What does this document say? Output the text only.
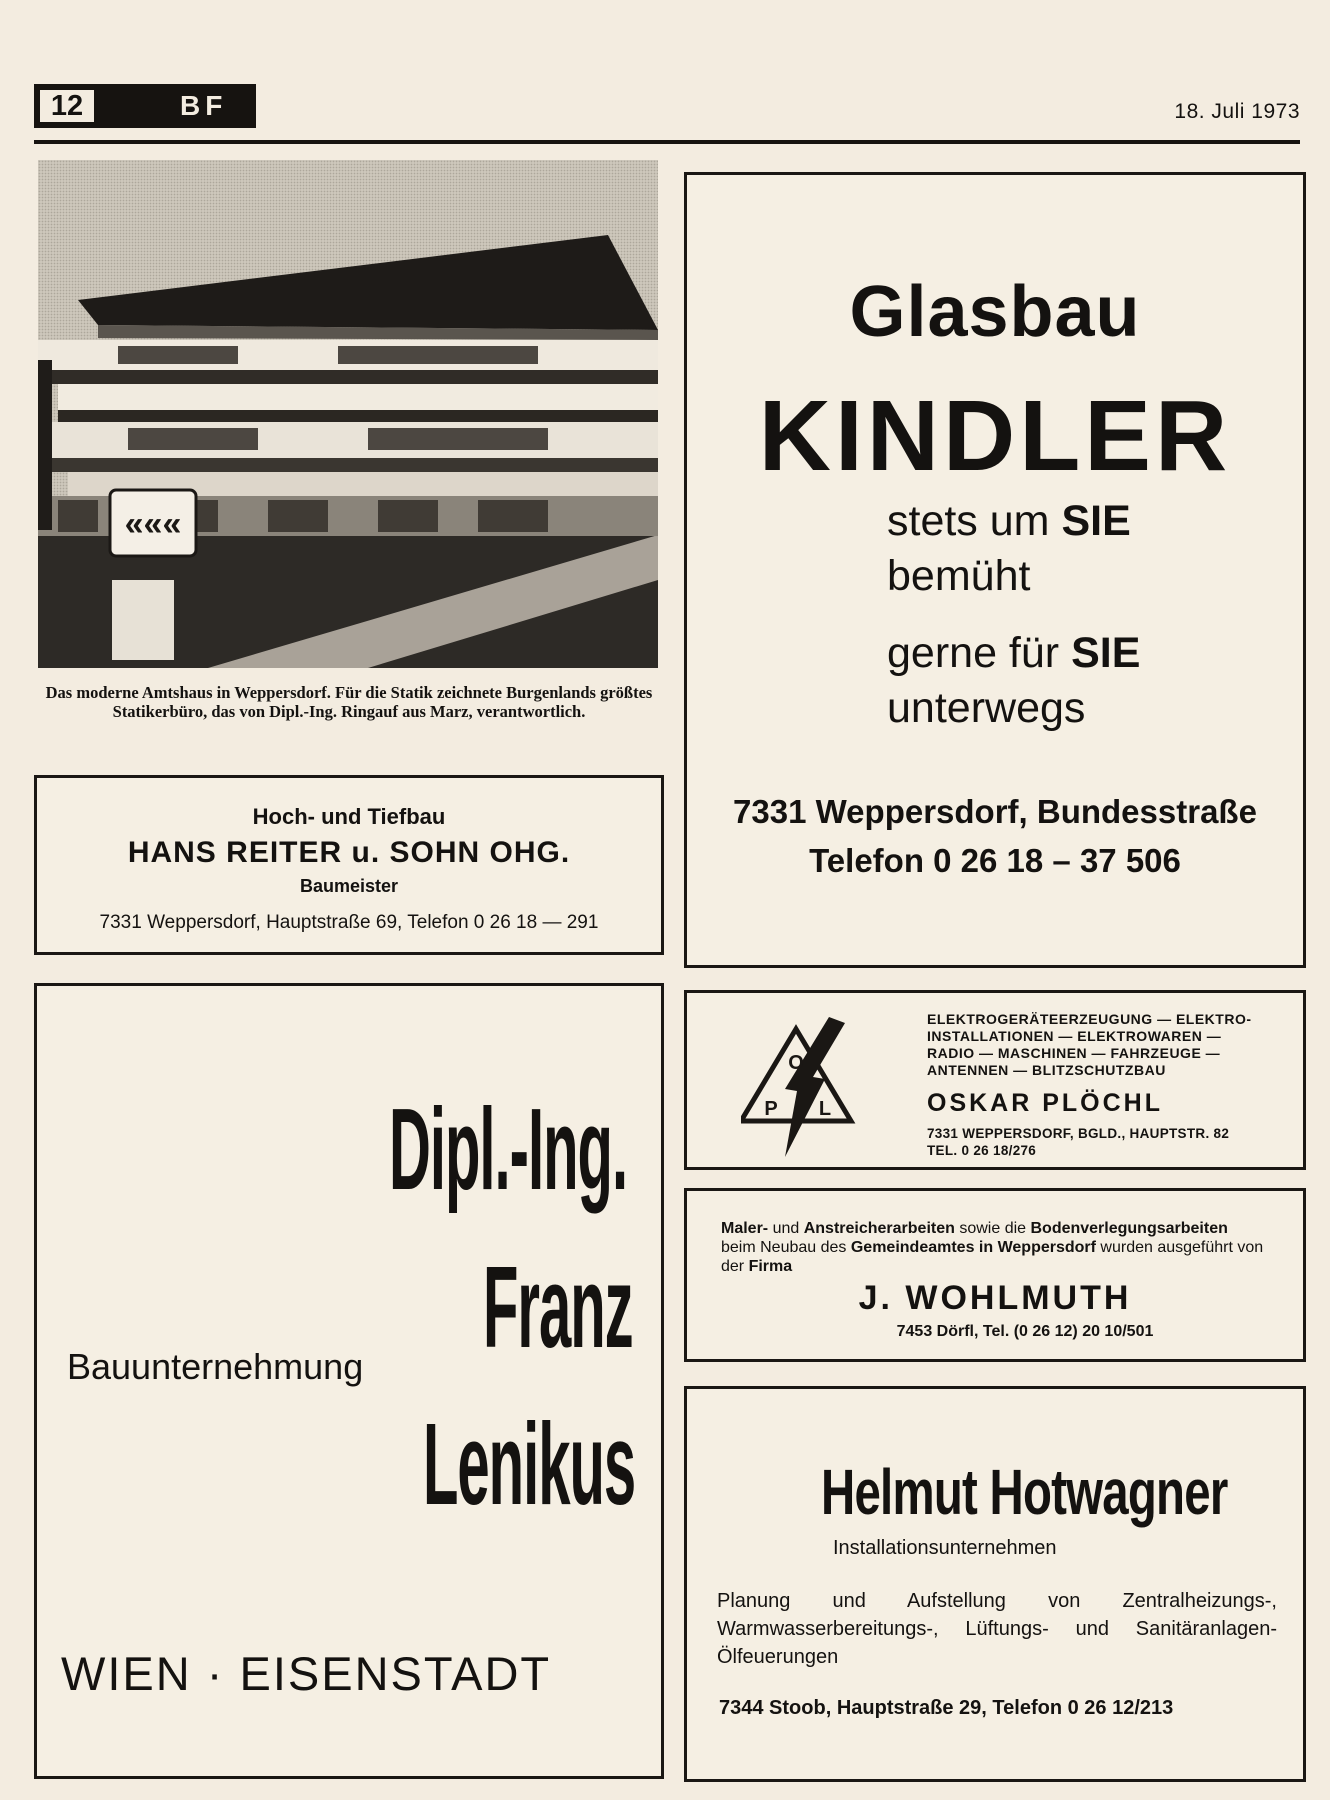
12	BF	18. Juli 1973
«««
Das moderne Amtshaus in Weppersdorf. Für die Statik zeichnete Burgenlands größtes Statikerbüro, das von Dipl.-Ing. Ringauf aus Marz, verantwortlich.
Hoch- und Tiefbau
HANS REITER u. SOHN OHG.
Baumeister
7331 Weppersdorf, Hauptstraße 69, Telefon 0 26 18 — 291
Dipl.-Ing.
Franz
Lenikus
Bauunternehmung
WIEN · EISENSTADT
Glasbau
KINDLER
stets um SIE
bemüht
gerne für SIE
unterwegs
7331 Weppersdorf, Bundesstraße
Telefon 0 26 18 – 37 506
O
P L
ELEKTROGERÄTEERZEUGUNG — ELEKTRO-
INSTALLATIONEN — ELEKTROWAREN —
RADIO — MASCHINEN — FAHRZEUGE —
ANTENNEN — BLITZSCHUTZBAU
OSKAR PLÖCHL
7331 WEPPERSDORF, BGLD., HAUPTSTR. 82
TEL. 0 26 18/276
Maler- und Anstreicherarbeiten sowie die Bodenverlegungsarbeiten
beim Neubau des Gemeindeamtes in Weppersdorf wurden ausgeführt von der Firma
J. WOHLMUTH
7453 Dörfl, Tel. (0 26 12) 20 10/501
Helmut Hotwagner
Installationsunternehmen
Planung und Aufstellung von Zentralheizungs-, Warmwasserbereitungs-, Lüftungs- und Sanitäranlagen-Ölfeuerungen
7344 Stoob, Hauptstraße 29, Telefon 0 26 12/213
